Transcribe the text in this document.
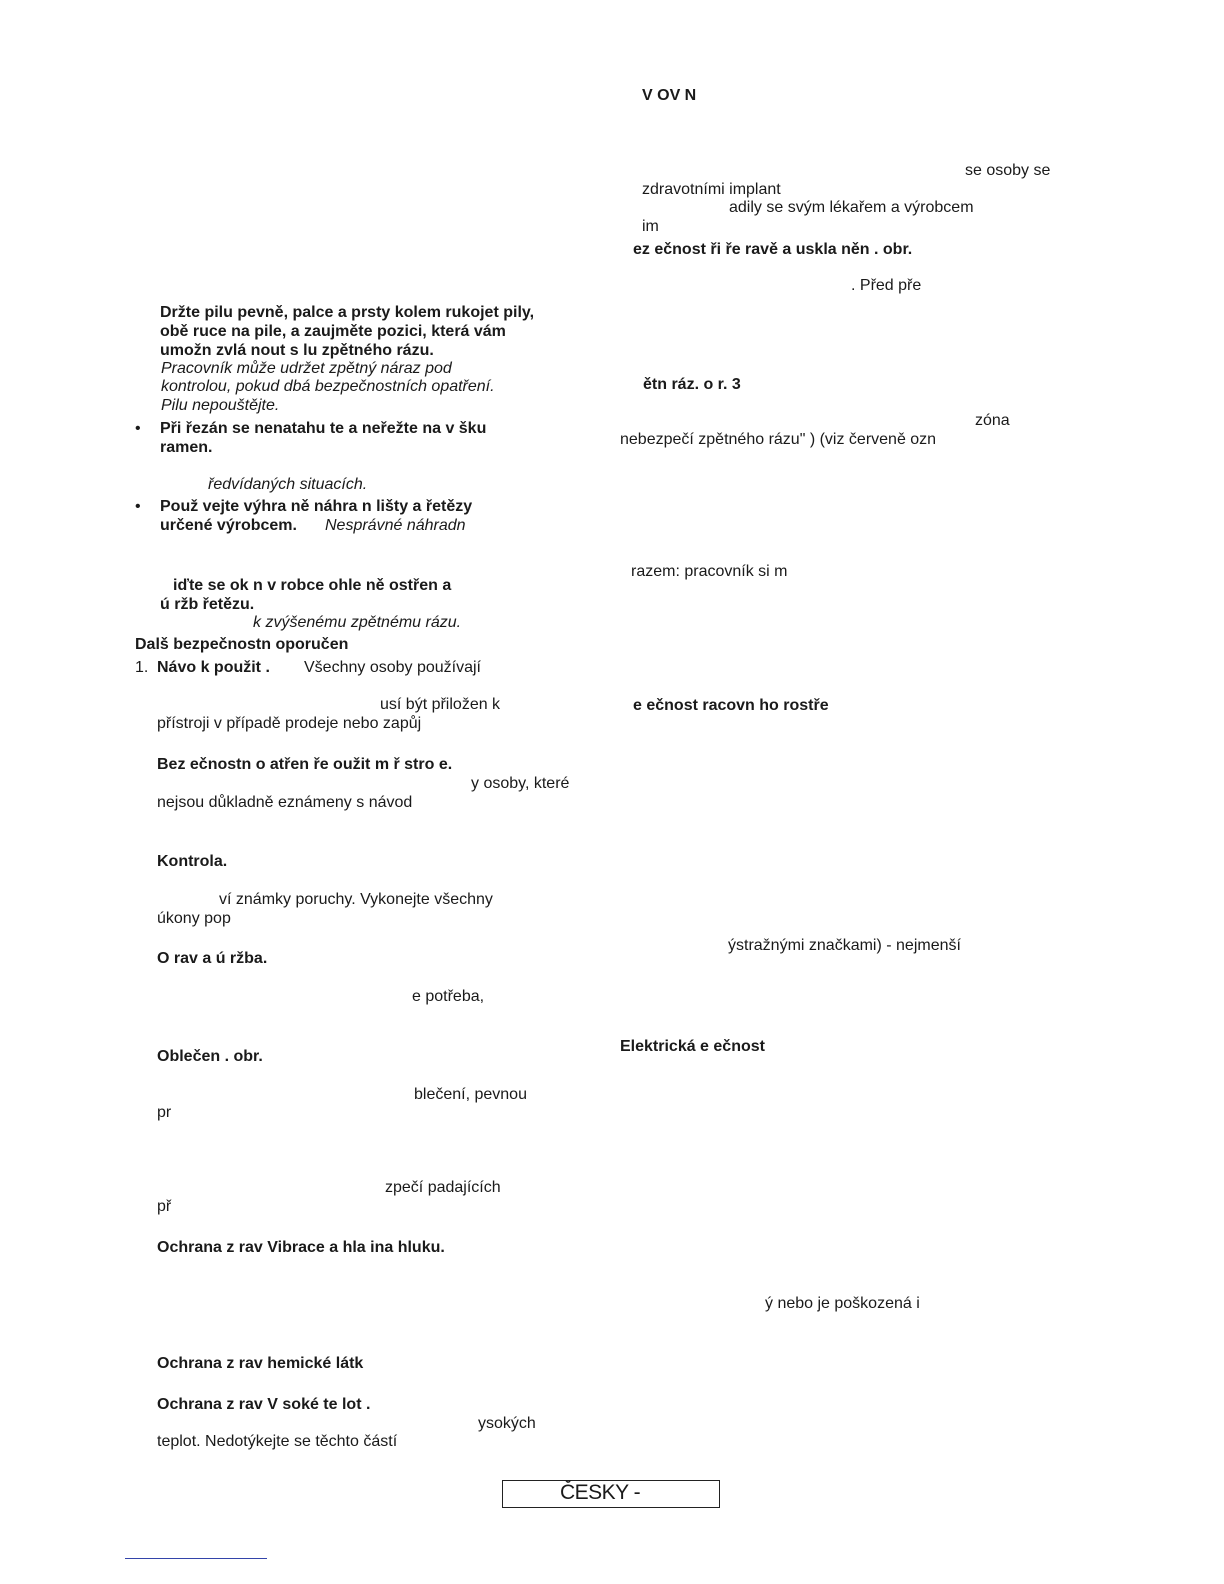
Držte pilu pevně, palce a prsty kolem rukojet pily,
obě ruce na pile, a zaujměte pozici, která vám
umožn zvlá nout s lu zpětného rázu.
Pracovník může udržet zpětný náraz pod
kontrolou, pokud dbá bezpečnostních opatření.
Pilu nepouštějte.
• Při řezán se nenatahu te a neřežte na v šku
ramen.
ředvídaných situacích.
• Použ vejte výhra ně náhra n lišty a řetězy
určené výrobcem. Nesprávné náhradn
iďte se ok n v robce ohle ně ostřen a
ú ržb řetězu.
k zvýšenému zpětnému rázu.
Dalš bezpečnostn oporučen
1. Návo k použit . Všechny osoby používají
usí být přiložen k
přístroji v případě prodeje nebo zapůj
Bez ečnostn o atřen ře oužit m ř stro e.
y osoby, které
nejsou důkladně eznámeny s návod
Kontrola.
ví známky poruchy. Vykonejte všechny
úkony pop
O rav a ú ržba.
e potřeba,
Oblečen . obr.
blečení, pevnou
pr
zpečí padajících
př
Ochrana z rav Vibrace a hla ina hluku.
Ochrana z rav hemické látk
Ochrana z rav V soké te lot .
ysokých
teplot. Nedotýkejte se těchto částí
V OV N
se osoby se
zdravotními implant
adily se svým lékařem a výrobcem
im
ez ečnost ři ře ravě a uskla něn . obr.
. Před pře
ětn ráz. o r. 3
zóna
nebezpečí zpětného rázu" ) (viz červeně ozn
razem: pracovník si m
e ečnost racovn ho rostře
ýstražnými značkami) - nejmenší
Elektrická e ečnost
ý nebo je poškozená i
ČESKY -
